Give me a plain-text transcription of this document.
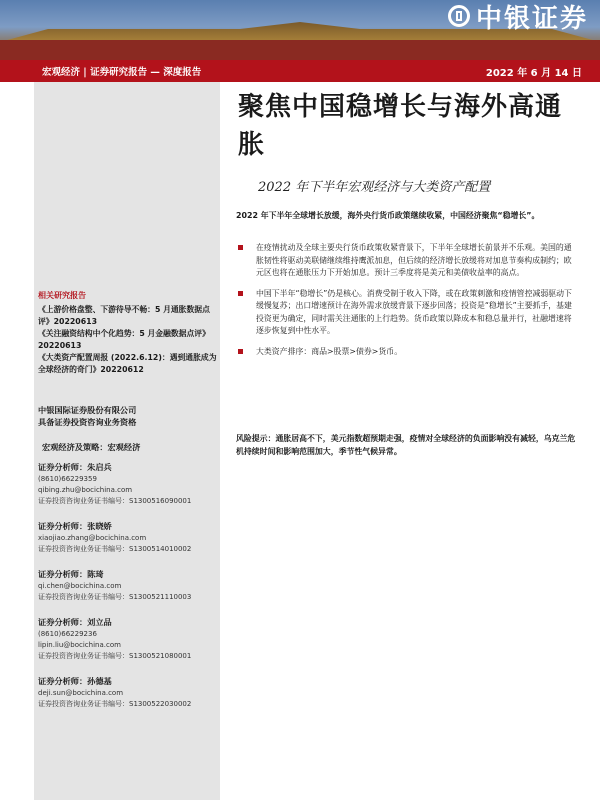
中银证券
宏观经济 | 证券研究报告 — 深度报告	2022 年 6 月 14 日
相关研究报告

《上游价格盘整、下游待导不畅：5 月通胀数据点评》20220613

《关注融资结构中个化趋势：5 月金融数据点评》20220613

《大类资产配置周报 (2022.6.12)：遇到通胀成为全球经济的奇门》20220612

中银国际证券股份有限公司
具备证券投资咨询业务资格
宏观经济及策略：宏观经济
证券分析师：朱启兵
(8610)66229359
qibing.zhu@bocichina.com
证券投资咨询业务证书编号：S1300516090001
证券分析师：张晓娇
xiaojiao.zhang@bocichina.com
证券投资咨询业务证书编号：S1300514010002
证券分析师：陈琦
qi.chen@bocichina.com
证券投资咨询业务证书编号：S1300521110003
证券分析师：刘立品
(8610)66229236
lipin.liu@bocichina.com
证券投资咨询业务证书编号：S1300521080001
证券分析师：孙德基
deji.sun@bocichina.com
证券投资咨询业务证书编号：S1300522030002
聚焦中国稳增长与海外高通胀
2022 年下半年宏观经济与大类资产配置
2022 年下半年全球增长放缓，海外央行货币政策继续收紧，中国经济聚焦“稳增长”。
在疫情扰动及全球主要央行货币政策收紧背景下，下半年全球增长前景并不乐观。美国的通胀韧性将驱动美联储继续维持鹰派加息，但后续的经济增长放缓将对加息节奏构成制约；欧元区也将在通胀压力下开始加息。预计三季度将是美元和美债收益率的高点。
中国下半年“稳增长”仍是核心。消费受制于收入下降，或在政策刺激和疫情管控减弱驱动下缓慢复苏；出口增速预计在海外需求放缓背景下逐步回落；投资是“稳增长”主要抓手，基建投资更为确定，同时需关注通胀的上行趋势。货币政策以降成本和稳总量并行，社融增速将逐步恢复到中性水平。
大类资产排序：商品>股票>债券>货币。
风险提示：通胀居高不下，美元指数超预期走强，疫情对全球经济的负面影响没有减轻，乌克兰危机持续时间和影响范围加大，季节性气候异常。
